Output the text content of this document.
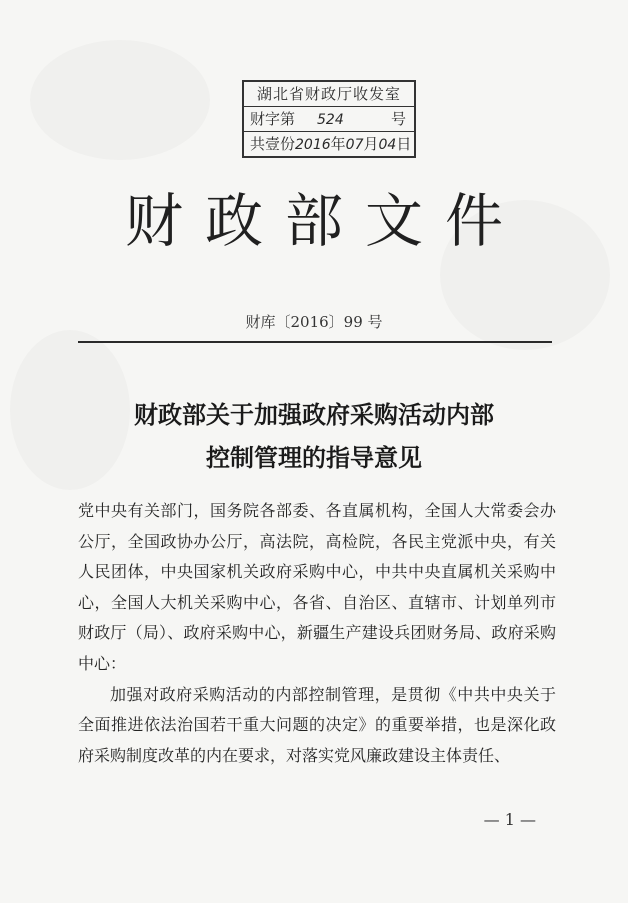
湖北省财政厅收发室
财字第 524	号
共壹份2016年07月04日
财政部文件
财库〔2016〕99 号
财政部关于加强政府采购活动内部
控制管理的指导意见

党中央有关部门，国务院各部委、各直属机构，全国人大常委会办公厅，全国政协办公厅，高法院，高检院，各民主党派中央，有关人民团体，中央国家机关政府采购中心，中共中央直属机关采购中心，全国人大机关采购中心，各省、自治区、直辖市、计划单列市财政厅（局）、政府采购中心，新疆生产建设兵团财务局、政府采购中心：

加强对政府采购活动的内部控制管理，是贯彻《中共中央关于全面推进依法治国若干重大问题的决定》的重要举措，也是深化政府采购制度改革的内在要求，对落实党风廉政建设主体责任、

— 1 —
